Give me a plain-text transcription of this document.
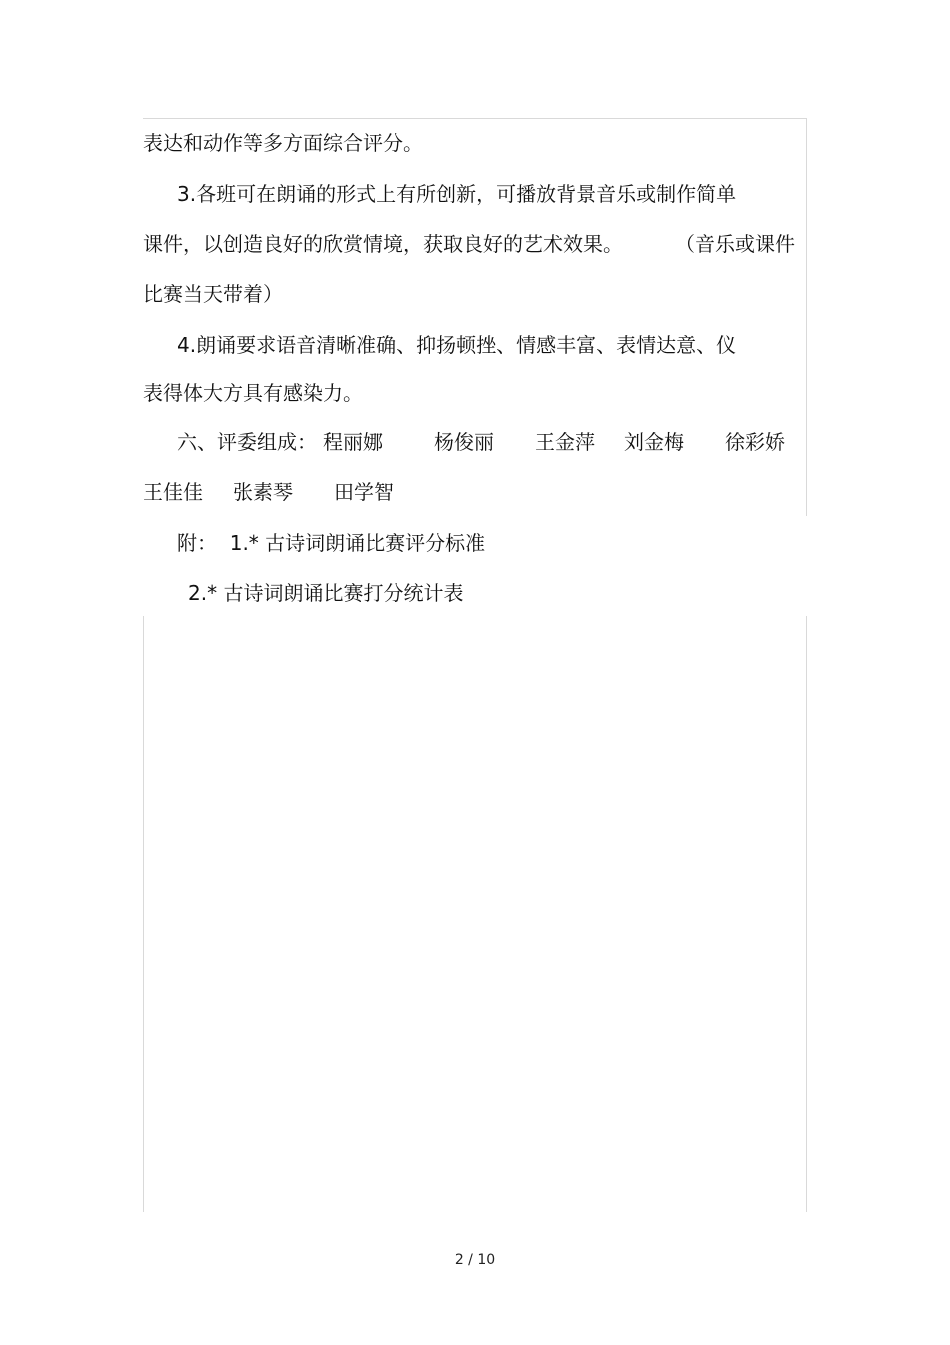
表达和动作等多方面综合评分。

3.各班可在朗诵的形式上有所创新，可播放背景音乐或制作简单

课件，以创造良好的欣赏情境，获取良好的艺术效果。	（音乐或课件

比赛当天带着）

4.朗诵要求语音清晰准确、抑扬顿挫、情感丰富、表情达意、仪

表得体大方具有感染力。

六、评委组成： 程丽娜	杨俊丽 王金萍 刘金梅 徐彩娇
王佳佳 张素琴 田学智

附：  1.* 古诗词朗诵比赛评分标准

2.* 古诗词朗诵比赛打分统计表

2 / 10
